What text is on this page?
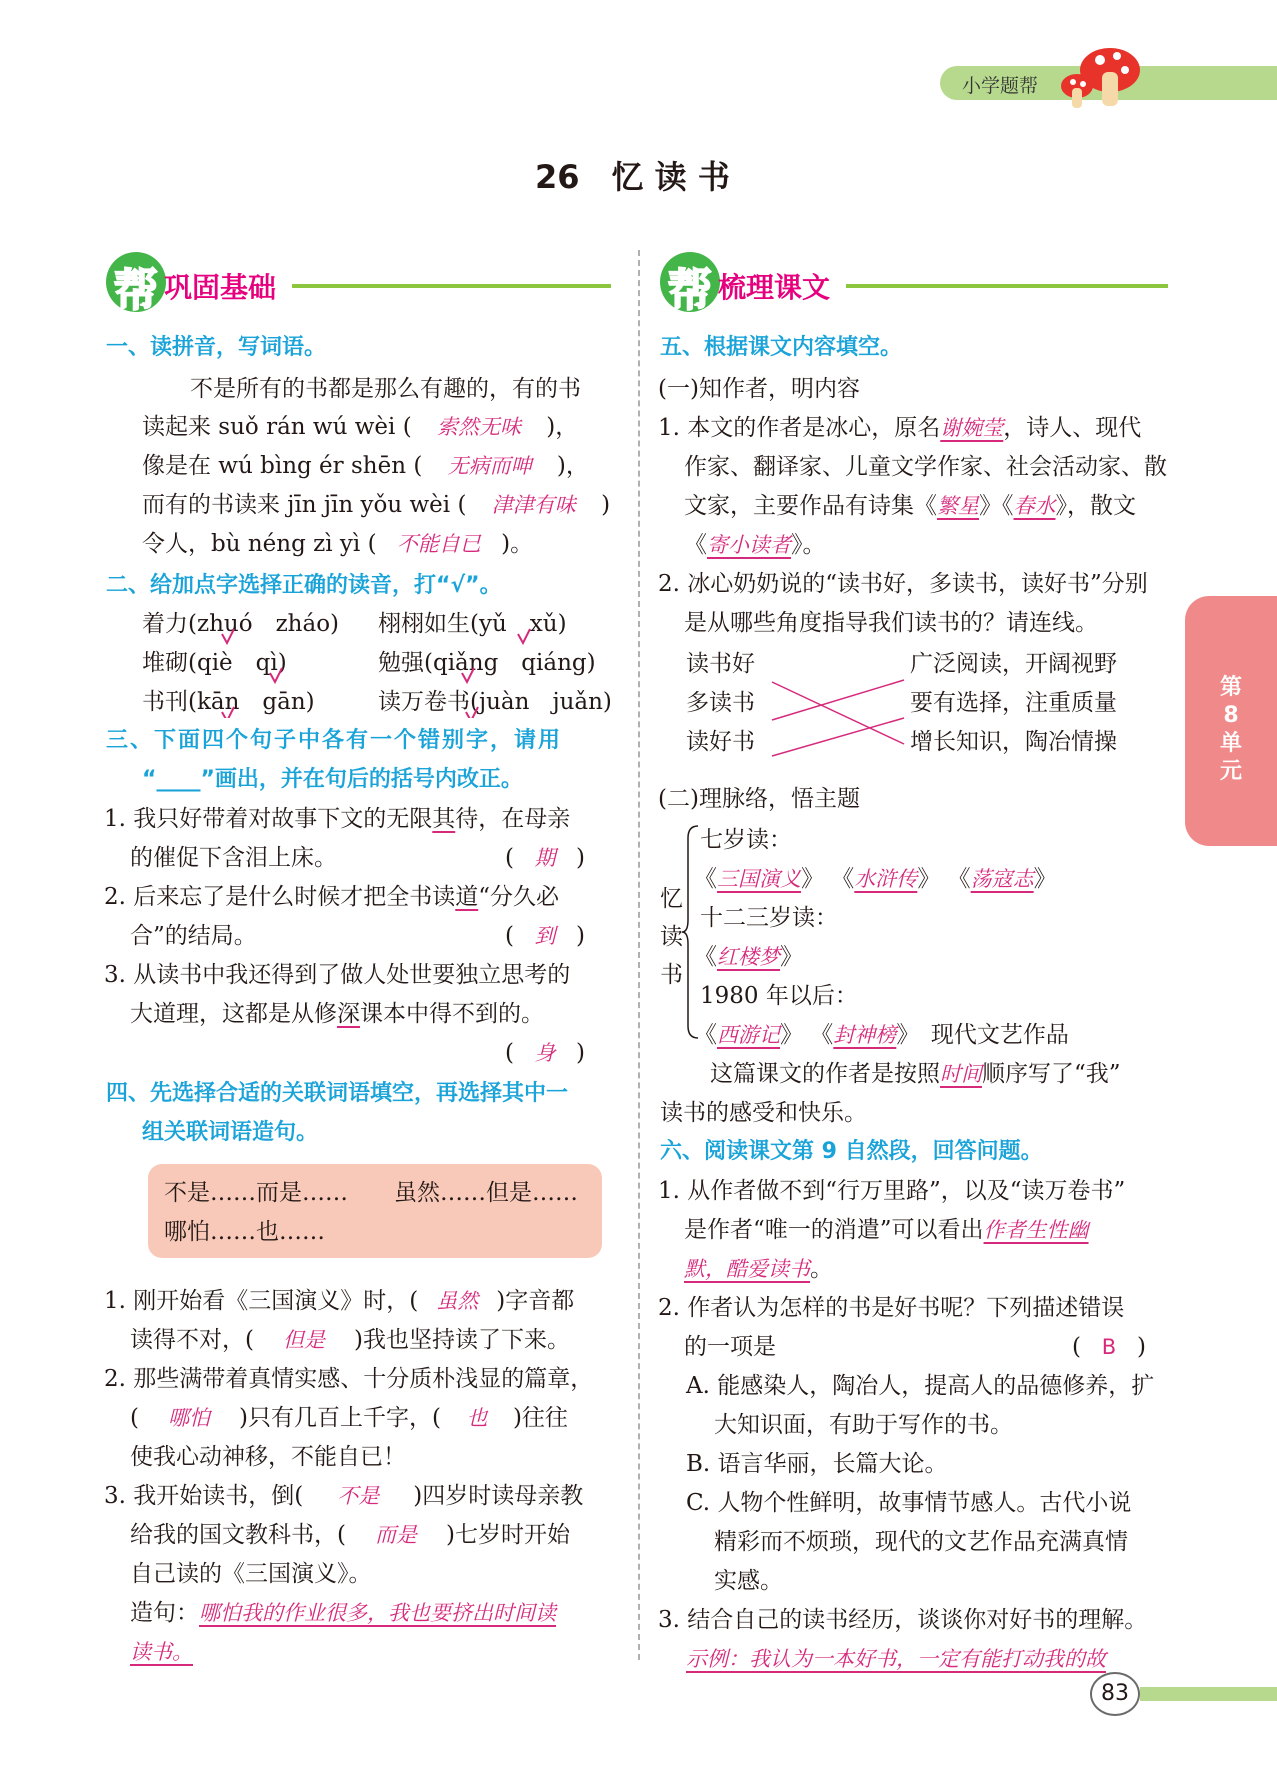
小学题帮
26　忆 读 书
第
8
单
元
帮 巩固基础
一、读拼音，写词语。
不是所有的书都是那么有趣的，有的书
读起来 suǒ rán wú wèi ( 索然无味 )，
像是在 wú bìng ér shēn ( 无病而呻 )，
而有的书读来 jīn jīn yǒu wèi ( 津津有味 )
令人，bù néng zì yì ( 不能自已 )。
二、给加点字选择正确的读音，打“√”。
着力(zhuó　zháo) 栩栩如生(yǔ　xǔ)
堆砌(qiè　qì)	勉强(qiǎng　qiáng)
书刊(kān　gān)	读万卷书(juàn　juǎn)
三、下面四个句子中各有一个错别字，请用
“____”画出，并在句后的括号内改正。
1. 我只好带着对故事下文的无限其待，在母亲
的催促下含泪上床。	( 期 )
2. 后来忘了是什么时候才把全书读道“分久必
合”的结局。	( 到 )
3. 从读书中我还得到了做人处世要独立思考的
大道理，这都是从修深课本中得不到的。
( 身 )
四、先选择合适的关联词语填空，再选择其中一
组关联词语造句。
不是……而是……　　虽然……但是……
哪怕……也……
1. 刚开始看《三国演义》时，( 虽然 )字音都
读得不对，( 但是 )我也坚持读了下来。
2. 那些满带着真情实感、十分质朴浅显的篇章，
( 哪怕 )只有几百上千字，( 也 )往往
使我心动神移，不能自已！
3. 我开始读书，倒( 不是 )四岁时读母亲教
给我的国文教科书，( 而是 )七岁时开始
自己读的《三国演义》。
造句：哪怕我的作业很多，我也要挤出时间读
读书。
帮 梳理课文
五、根据课文内容填空。
(一)知作者，明内容
1. 本文的作者是冰心，原名谢婉莹，诗人、现代
作家、翻译家、儿童文学作家、社会活动家、散
文家，主要作品有诗集《繁星》《春水》，散文
《寄小读者》。
2. 冰心奶奶说的“读书好，多读书，读好书”分别
是从哪些角度指导我们读书的？请连线。
读书好
多读书
读好书
广泛阅读，开阔视野
要有选择，注重质量
增长知识，陶冶情操
(二)理脉络，悟主题
忆
读
书
七岁读：
《三国演义》 《水浒传》 《荡寇志》
十二三岁读：
《红楼梦》
1980 年以后：
《西游记》 《封神榜》　现代文艺作品
这篇课文的作者是按照时间顺序写了“我”
读书的感受和快乐。
六、阅读课文第 9 自然段，回答问题。
1. 从作者做不到“行万里路”，以及“读万卷书”
是作者“唯一的消遣”可以看出作者生性幽
默，酷爱读书。
2. 作者认为怎样的书是好书呢？下列描述错误
的一项是	( B )
A. 能感染人，陶冶人，提高人的品德修养，扩
大知识面，有助于写作的书。
B. 语言华丽，长篇大论。
C. 人物个性鲜明，故事情节感人。古代小说
精彩而不烦琐，现代的文艺作品充满真情
实感。
3. 结合自己的读书经历，谈谈你对好书的理解。
示例：我认为一本好书，一定有能打动我的故
83
